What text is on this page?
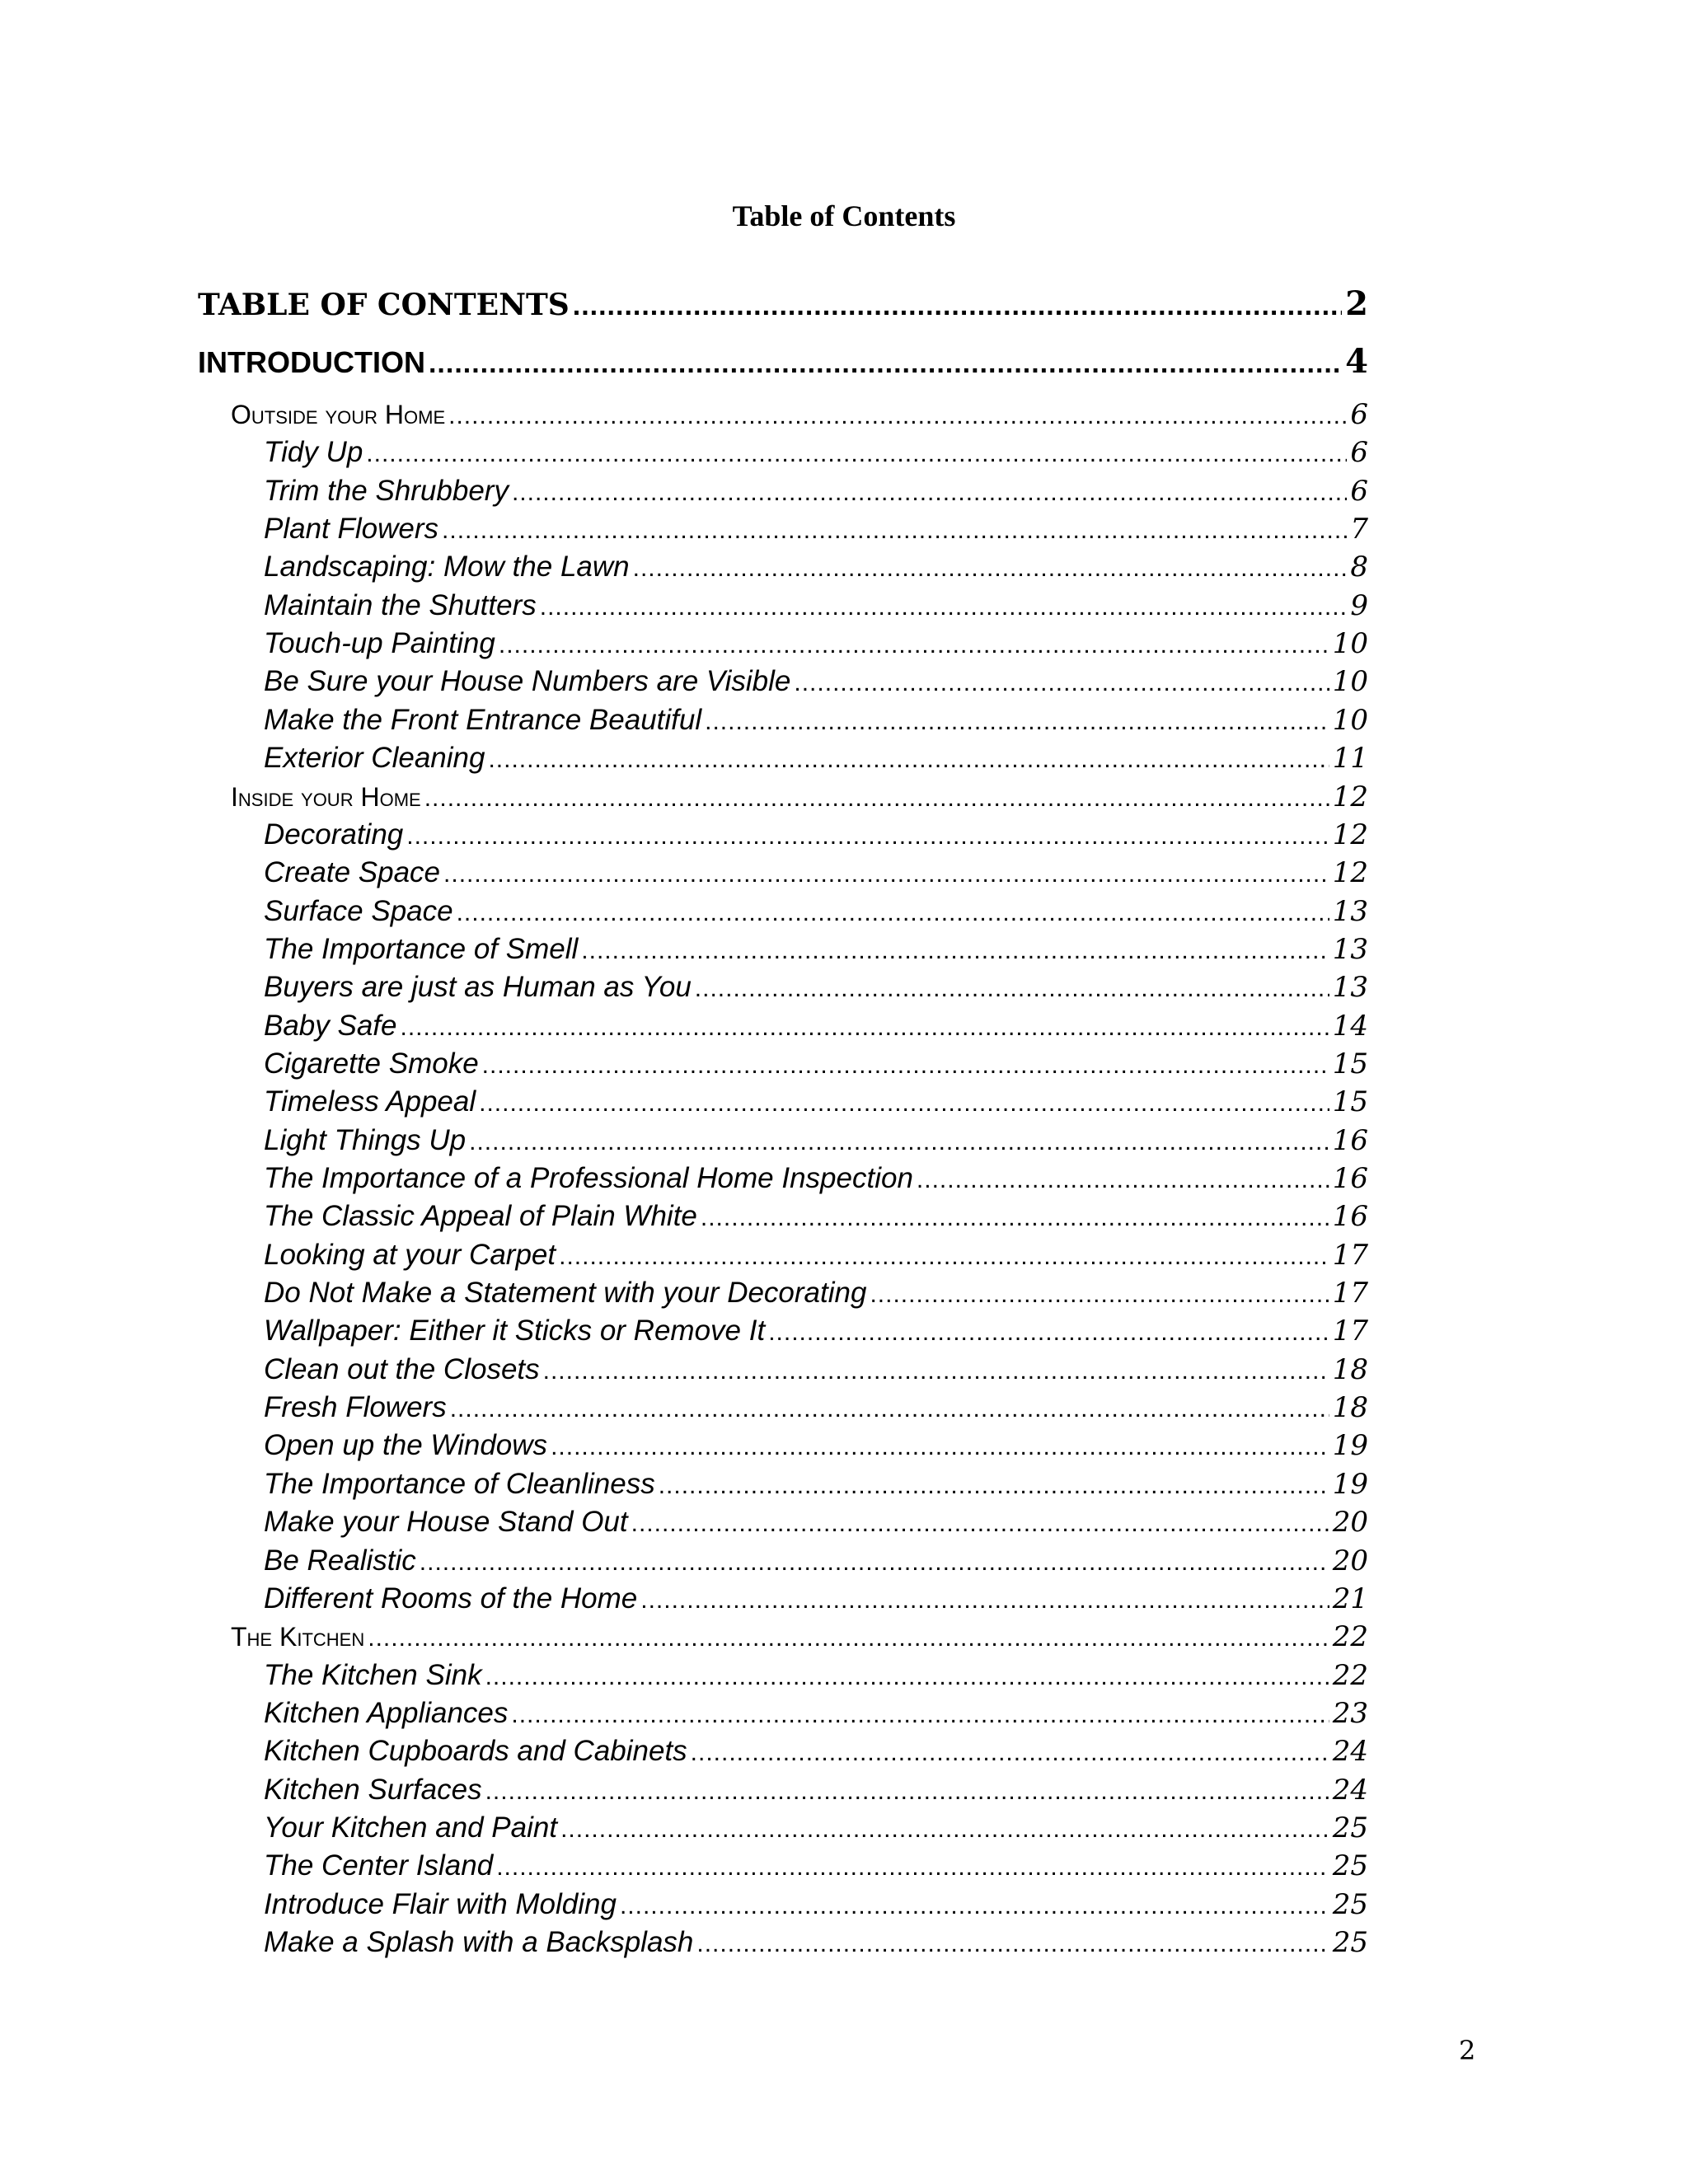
Table of Contents
TABLE OF CONTENTS .....	2
INTRODUCTION .....	4
Outside your Home .....	6
Tidy Up .....	6
Trim the Shrubbery .....	6
Plant Flowers .....	7
Landscaping: Mow the Lawn .....	8
Maintain the Shutters .....	9
Touch-up Painting .....	10
Be Sure your House Numbers are Visible .....	10
Make the Front Entrance Beautiful .....	10
Exterior Cleaning .....	11
Inside your Home .....	12
Decorating .....	12
Create Space .....	12
Surface Space .....	13
The Importance of Smell .....	13
Buyers are just as Human as You .....	13
Baby Safe .....	14
Cigarette Smoke .....	15
Timeless Appeal .....	15
Light Things Up .....	16
The Importance of a Professional Home Inspection .....	16
The Classic Appeal of Plain White .....	16
Looking at your Carpet .....	17
Do Not Make a Statement with your Decorating .....	17
Wallpaper: Either it Sticks or Remove It .....	17
Clean out the Closets .....	18
Fresh Flowers .....	18
Open up the Windows .....	19
The Importance of Cleanliness .....	19
Make your House Stand Out .....	20
Be Realistic .....	20
Different Rooms of the Home .....	21
The Kitchen .....	22
The Kitchen Sink .....	22
Kitchen Appliances .....	23
Kitchen Cupboards and Cabinets .....	24
Kitchen Surfaces .....	24
Your Kitchen and Paint .....	25
The Center Island .....	25
Introduce Flair with Molding .....	25
Make a Splash with a Backsplash .....	25
2
